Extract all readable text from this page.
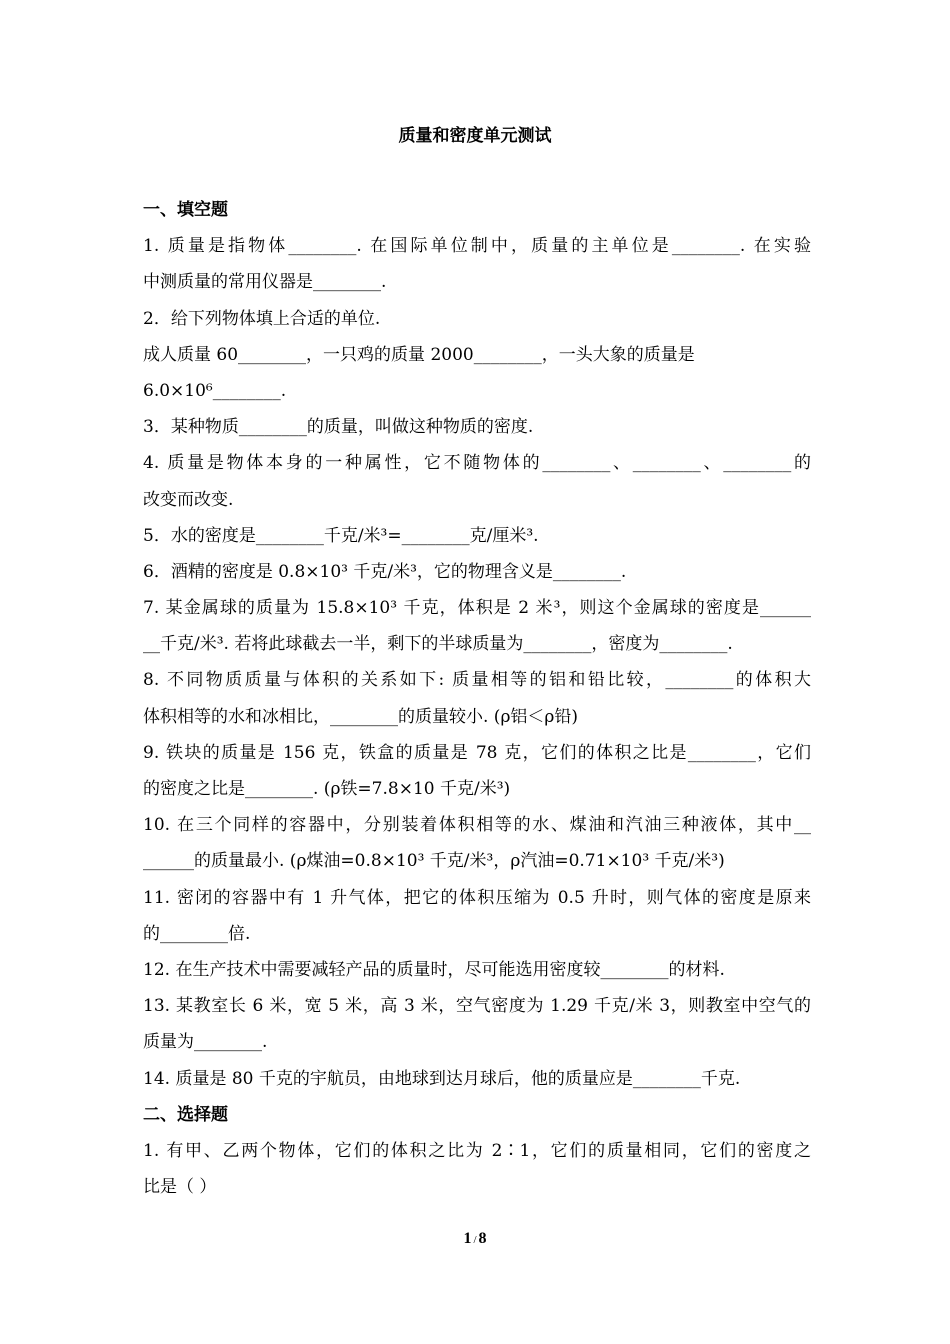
质量和密度单元测试
一、填空题
1. 质量是指物体________. 在国际单位制中，质量的主单位是________. 在实验
中测质量的常用仪器是________.
2．给下列物体填上合适的单位.
成人质量 60________，一只鸡的质量 2000________，一头大象的质量是
6.0×10⁶________.
3．某种物质________的质量，叫做这种物质的密度.
4. 质量是物体本身的一种属性，它不随物体的________、________、________的
改变而改变.
5．水的密度是________千克/米³=________克/厘米³.
6．酒精的密度是 0.8×10³ 千克/米³，它的物理含义是________.
7. 某金属球的质量为 15.8×10³ 千克，体积是 2 米³，则这个金属球的密度是______
__千克/米³. 若将此球截去一半，剩下的半球质量为________，密度为________.
8. 不同物质质量与体积的关系如下: 质量相等的铝和铅比较，________的体积大
体积相等的水和冰相比，________的质量较小. (ρ铝＜ρ铅)
9. 铁块的质量是 156 克，铁盒的质量是 78 克，它们的体积之比是________，它们
的密度之比是________. (ρ铁=7.8×10 千克/米³)
10. 在三个同样的容器中，分别装着体积相等的水、煤油和汽油三种液体，其中__
______的质量最小. (ρ煤油=0.8×10³ 千克/米³，ρ汽油=0.71×10³ 千克/米³)
11. 密闭的容器中有 1 升气体，把它的体积压缩为 0.5 升时，则气体的密度是原来
的________倍.
12. 在生产技术中需要减轻产品的质量时，尽可能选用密度较________的材料.
13. 某教室长 6 米，宽 5 米，高 3 米，空气密度为 1.29 千克/米 3，则教室中空气的
质量为________.
14. 质量是 80 千克的宇航员，由地球到达月球后，他的质量应是________千克.
二、选择题
1. 有甲、乙两个物体，它们的体积之比为 2∶1，它们的质量相同，它们的密度之
比是（ ）
1 / 8
